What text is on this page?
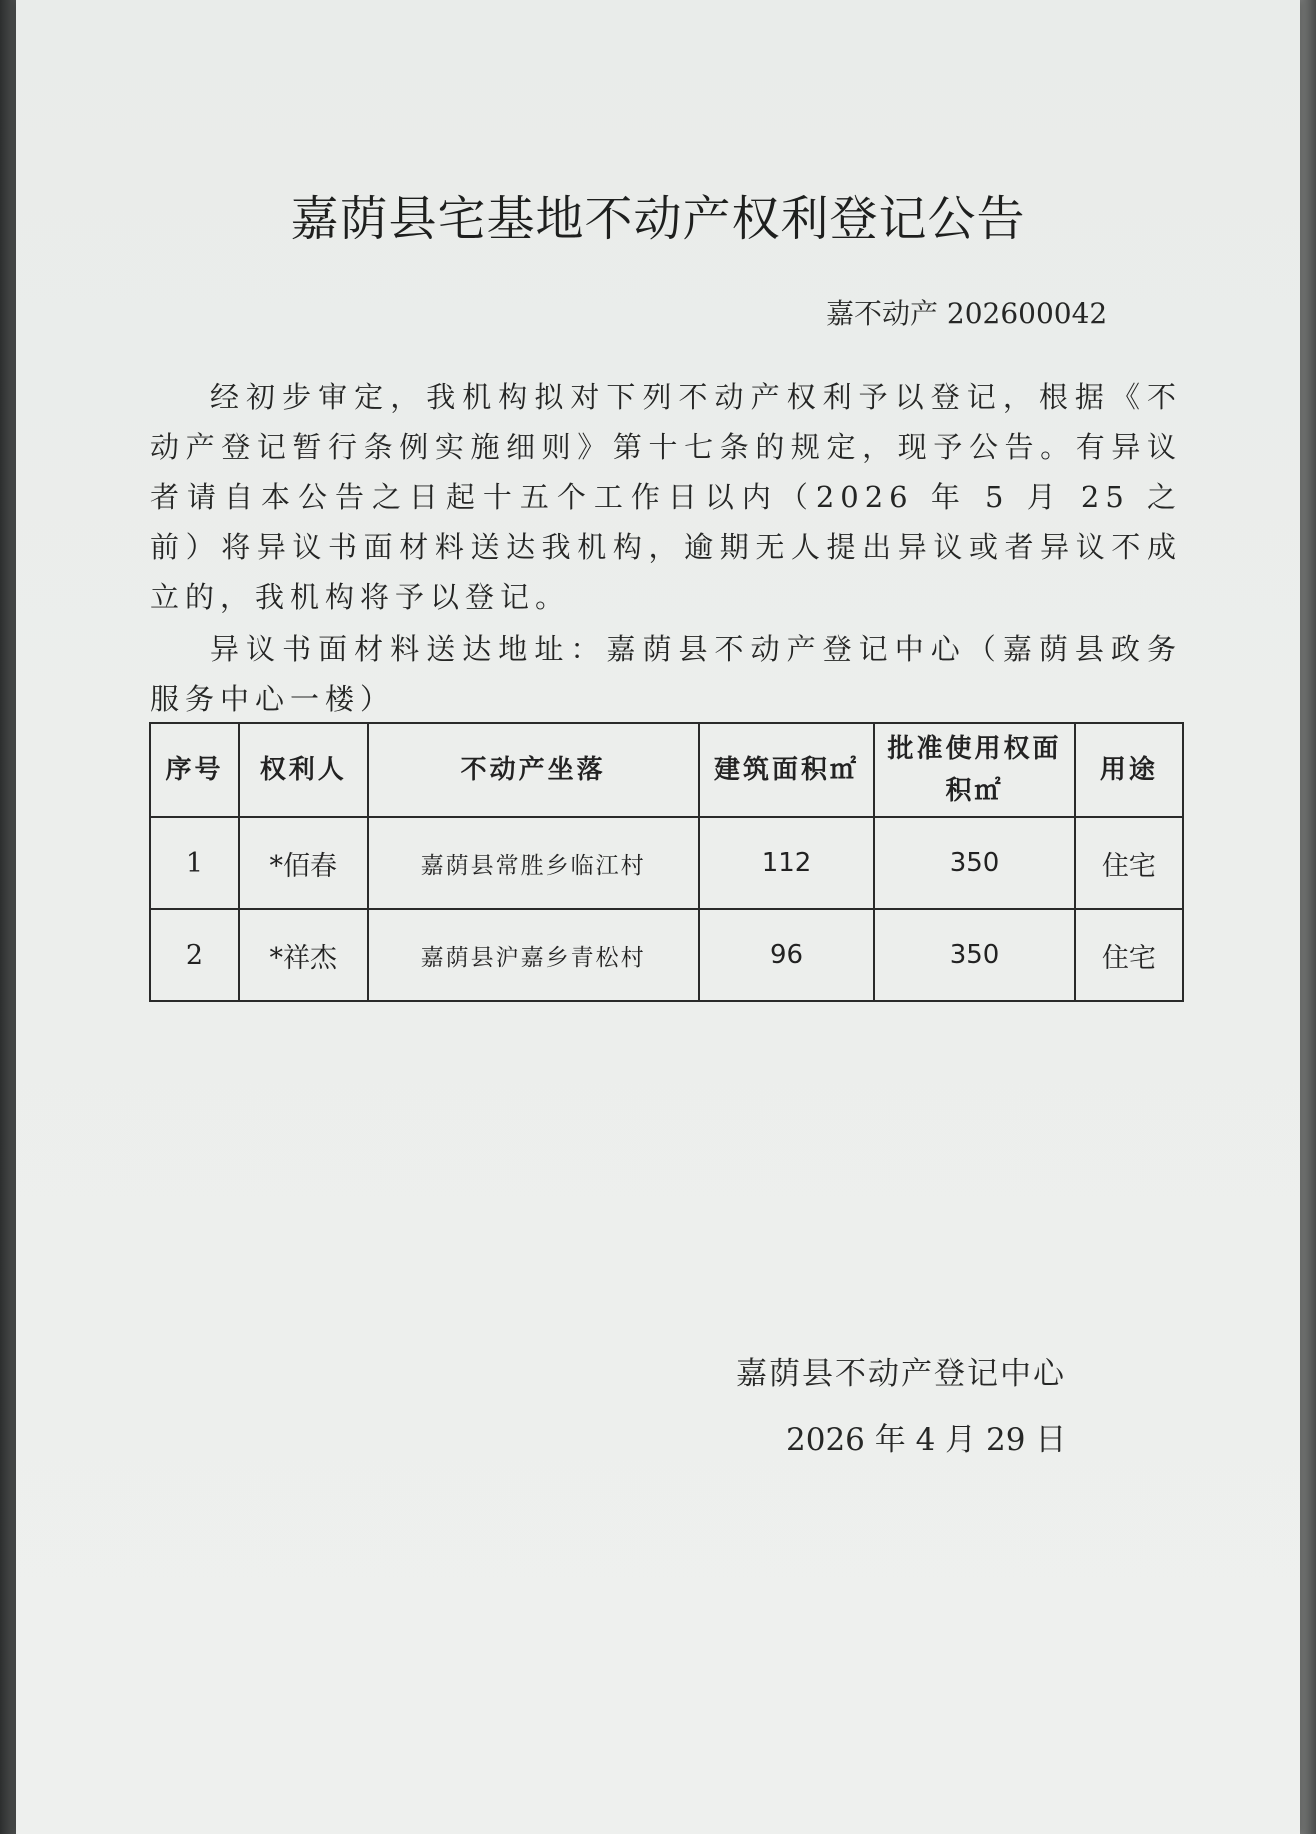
嘉荫县宅基地不动产权利登记公告
嘉不动产 202600042

经初步审定，我机构拟对下列不动产权利予以登记，根据《不动产登记暂行条例实施细则》第十七条的规定，现予公告。有异议者请自本公告之日起十五个工作日以内（2026 年 5 月 25 之前）将异议书面材料送达我机构，逾期无人提出异议或者异议不成立的，我机构将予以登记。

异议书面材料送达地址：嘉荫县不动产登记中心（嘉荫县政务服务中心一楼）

序号	权利人	不动产坐落	建筑面积㎡	批准使用权面积㎡	用途
1	*佰春	嘉荫县常胜乡临江村	112	350	住宅
2	*祥杰	嘉荫县沪嘉乡青松村	96	350	住宅
嘉荫县不动产登记中心
2026 年 4 月 29 日
